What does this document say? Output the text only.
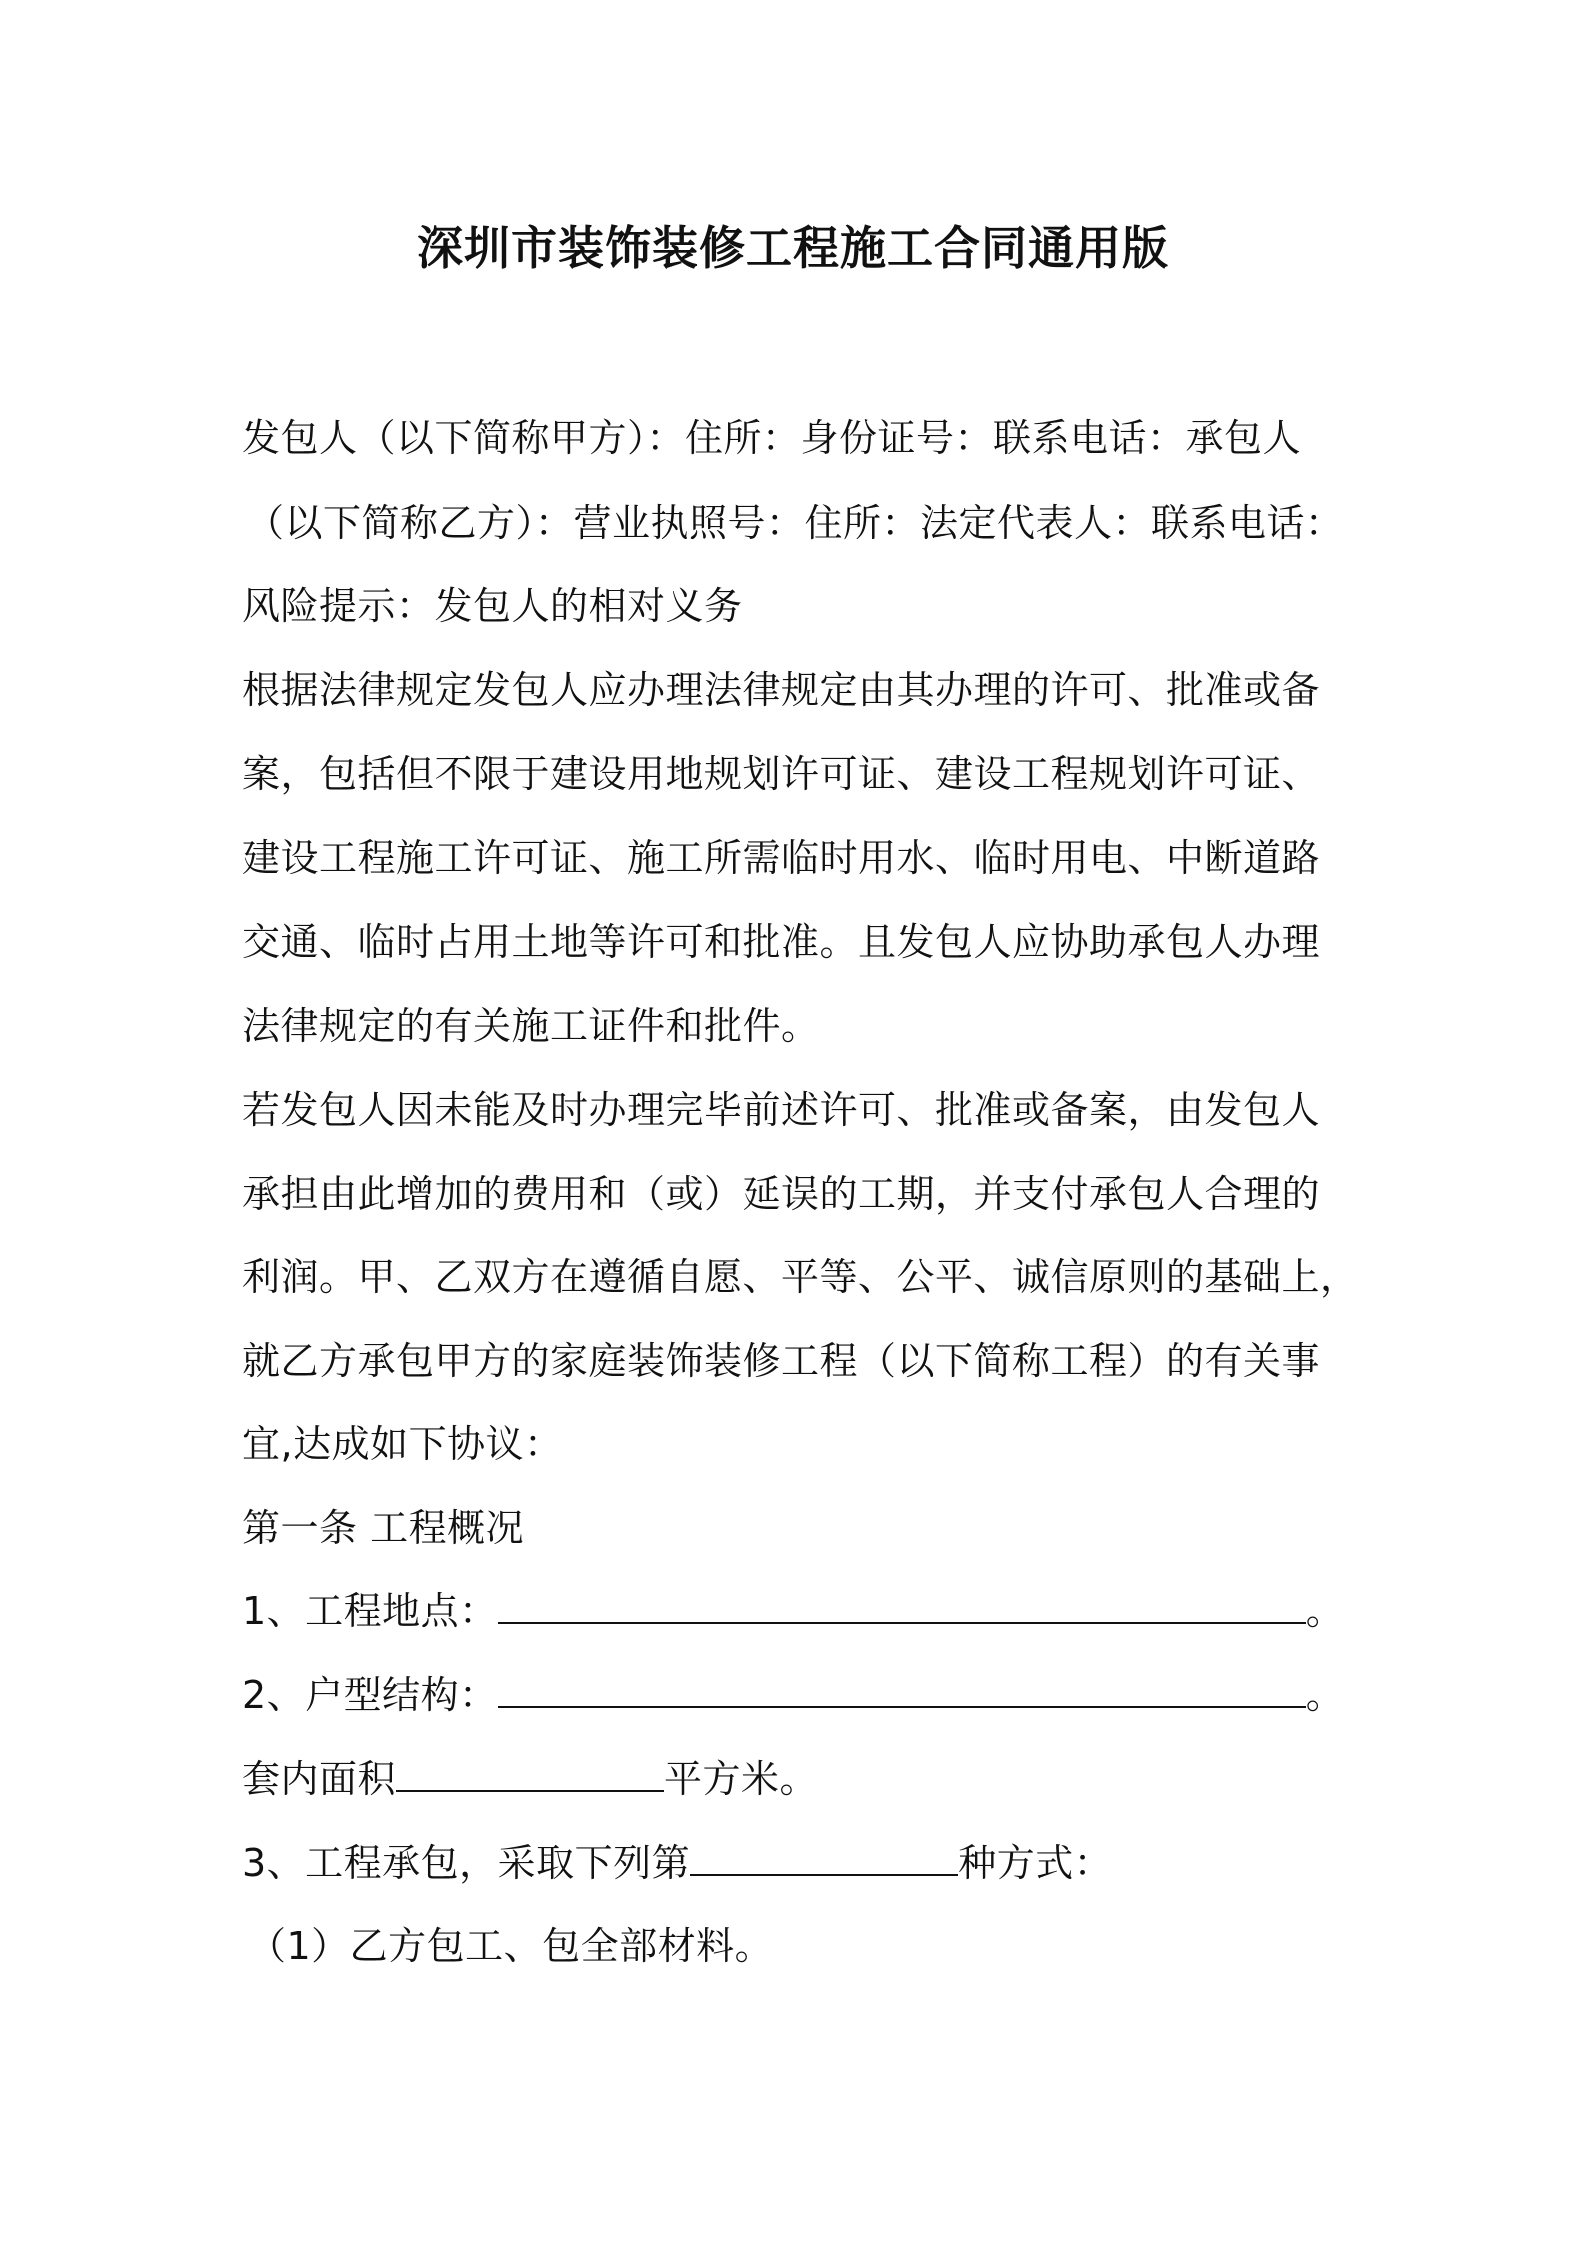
深圳市装饰装修工程施工合同通用版
发包人（以下简称甲方）：住所：身份证号：联系电话：承包人
（以下简称乙方）：营业执照号：住所：法定代表人：联系电话：
风险提示：发包人的相对义务
根据法律规定发包人应办理法律规定由其办理的许可、批准或备
案，包括但不限于建设用地规划许可证、建设工程规划许可证、
建设工程施工许可证、施工所需临时用水、临时用电、中断道路
交通、临时占用土地等许可和批准。且发包人应协助承包人办理
法律规定的有关施工证件和批件。
若发包人因未能及时办理完毕前述许可、批准或备案，由发包人
承担由此增加的费用和（或）延误的工期，并支付承包人合理的
利润。甲、乙双方在遵循自愿、平等、公平、诚信原则的基础上，
就乙方承包甲方的家庭装饰装修工程（以下简称工程）的有关事
宜,达成如下协议：
第一条 工程概况
1、工程地点：	。
2、户型结构：	。
套内面积	平方米。
3、工程承包，采取下列第	种方式：
（1）乙方包工、包全部材料。
